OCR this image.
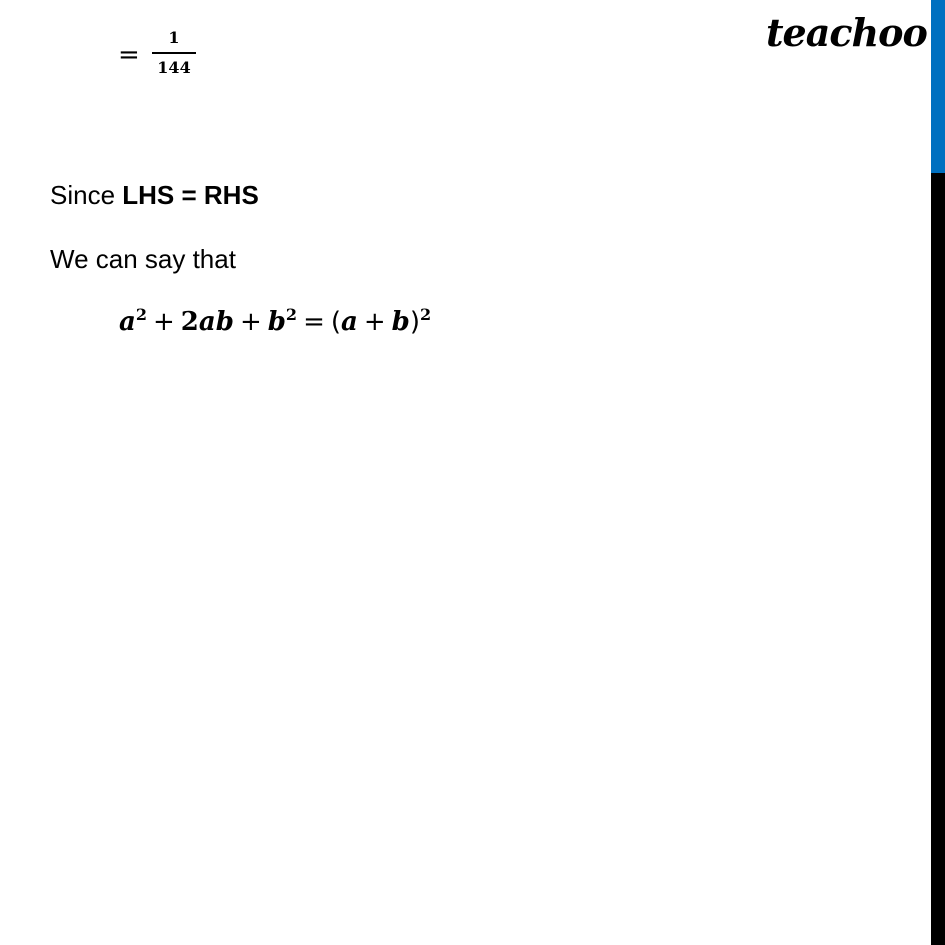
teachoo
=
1
144
Since LHS = RHS
We can say that
$a^2 + 2ab + b^2 = (a + b)^2$
